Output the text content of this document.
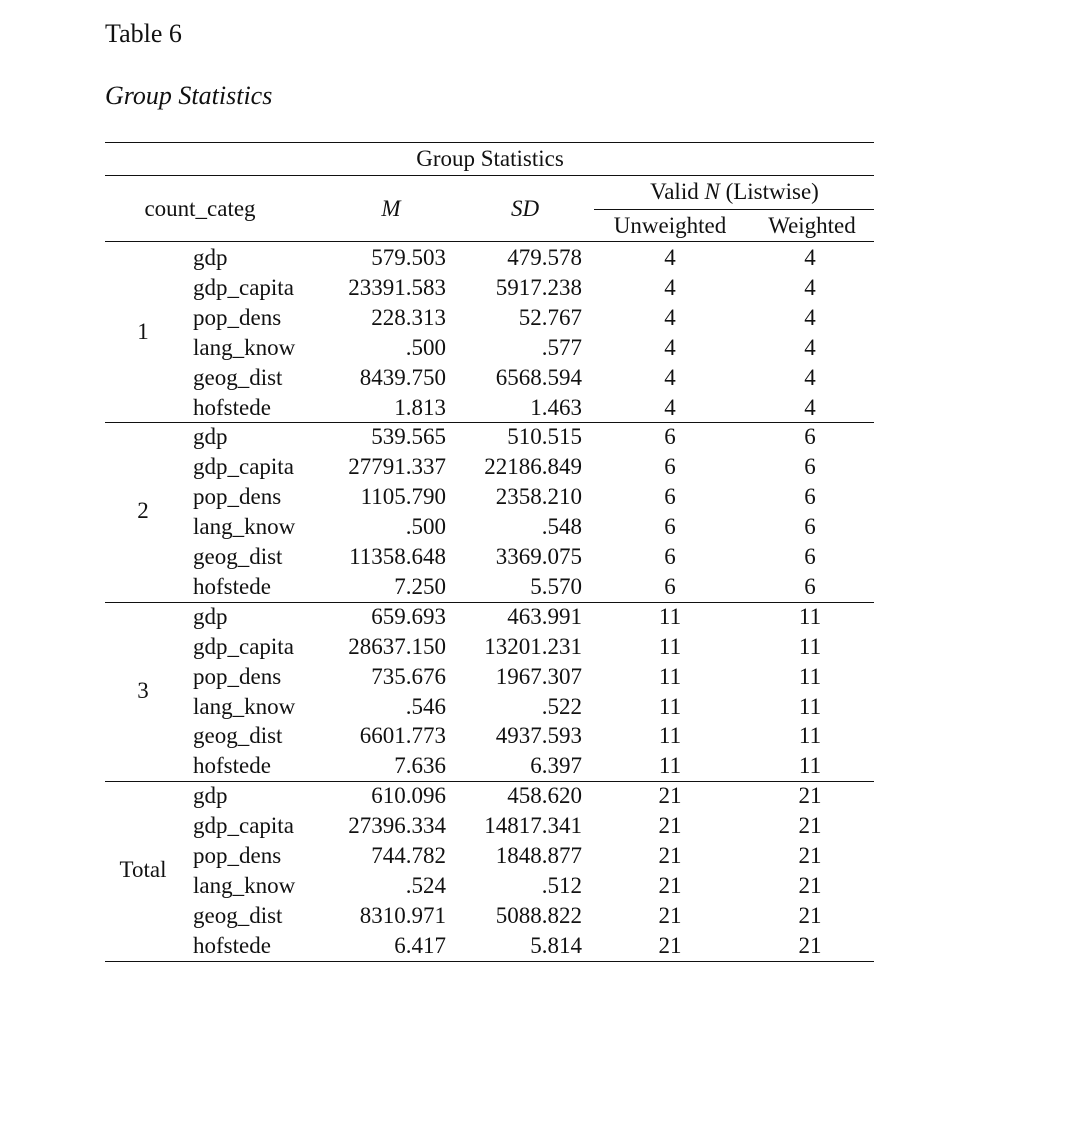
Table 6
Group Statistics
Group Statistics
count_categ	M	SD
Valid N (Listwise)
Unweighted	Weighted
1
gdp	579.503	479.578	4	4
gdp_capita	23391.583	5917.238	4	4
pop_dens	228.313	52.767	4	4
lang_know	.500	.577	4	4
geog_dist	8439.750	6568.594	4	4
hofstede	1.813	1.463	4	4
2
gdp	539.565	510.515	6	6
gdp_capita	27791.337	22186.849	6	6
pop_dens	1105.790	2358.210	6	6
lang_know	.500	.548	6	6
geog_dist	11358.648	3369.075	6	6
hofstede	7.250	5.570	6	6
3
gdp	659.693	463.991	11	11
gdp_capita	28637.150	13201.231	11	11
pop_dens	735.676	1967.307	11	11
lang_know	.546	.522	11	11
geog_dist	6601.773	4937.593	11	11
hofstede	7.636	6.397	11	11
Total
gdp	610.096	458.620	21	21
gdp_capita	27396.334	14817.341	21	21
pop_dens	744.782	1848.877	21	21
lang_know	.524	.512	21	21
geog_dist	8310.971	5088.822	21	21
hofstede	6.417	5.814	21	21
